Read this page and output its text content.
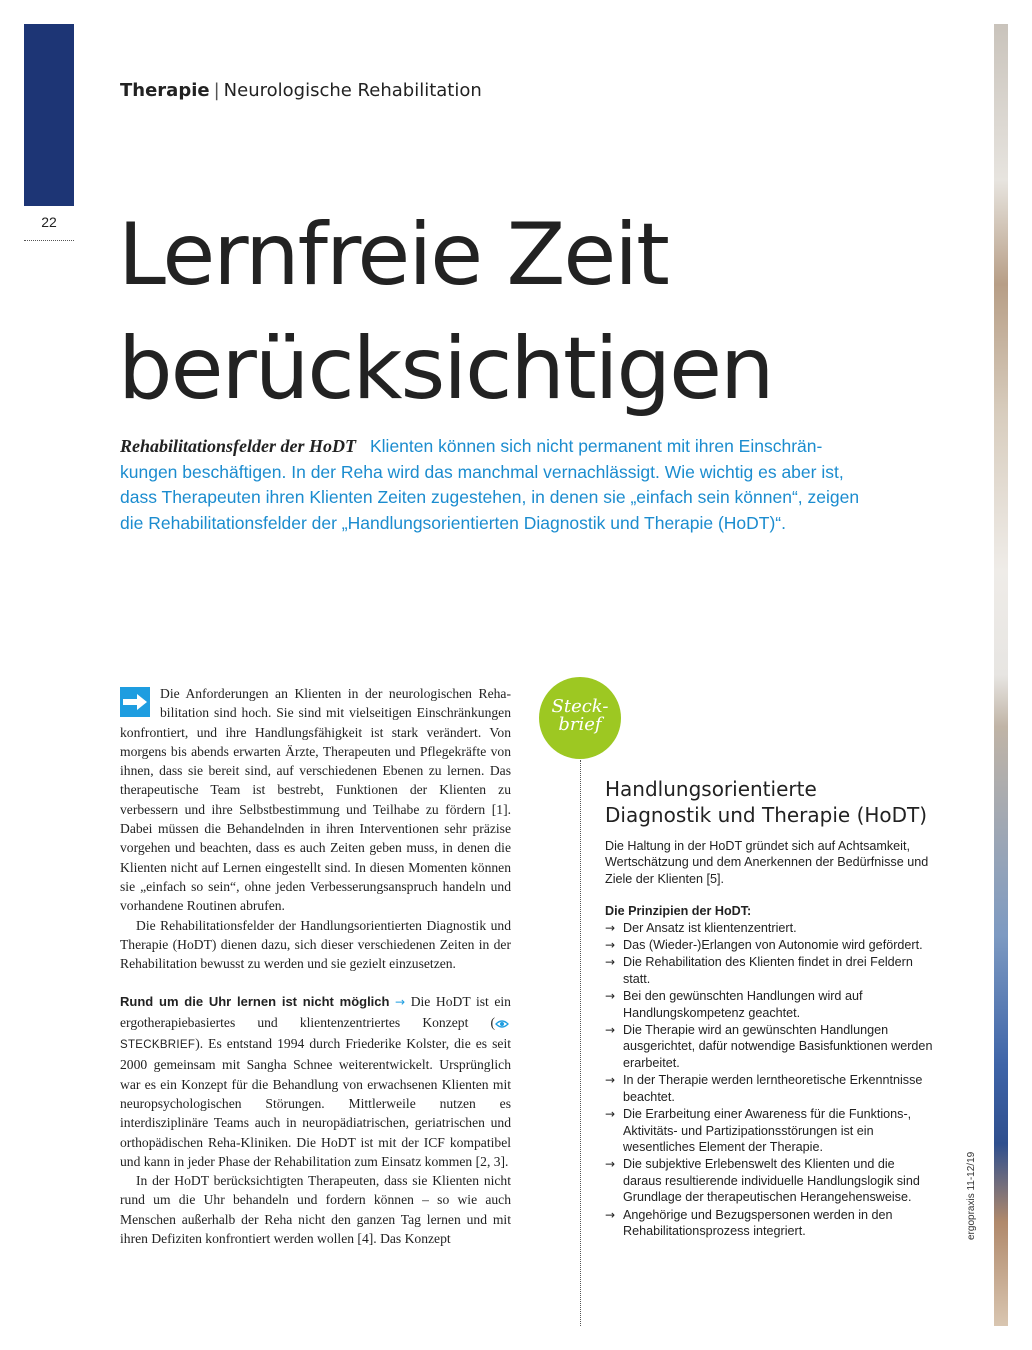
22
Therapie | Neurologische Rehabilitation
Lernfreie Zeit
berücksichtigen
Rehabilitationsfelder der HoDT Klienten können sich nicht permanent mit ihren Einschränkungen beschäftigen. In der Reha wird das manchmal vernachlässigt. Wie wichtig es aber ist, dass Therapeuten ihren Klienten Zeiten zugestehen, in denen sie „einfach sein können“, zeigen die Rehabilitationsfelder der „Handlungsorientierten Diagnostik und Therapie (HoDT)“.

Die Anforderungen an Klienten in der neurologischen Rehabilitation sind hoch. Sie sind mit vielseitigen Einschränkungen konfrontiert, und ihre Handlungsfähigkeit ist stark verändert. Von morgens bis abends erwarten Ärzte, Therapeuten und Pflegekräfte von ihnen, dass sie bereit sind, auf verschiedenen Ebenen zu lernen. Das therapeutische Team ist bestrebt, Funktionen der Klienten zu verbessern und ihre Selbstbestimmung und Teilhabe zu fördern [1]. Dabei müssen die Behandelnden in ihren Interventionen sehr präzise vorgehen und beachten, dass es auch Zeiten geben muss, in denen die Klienten nicht auf Lernen eingestellt sind. In diesen Momenten können sie „einfach so sein“, ohne jeden Verbesserungsanspruch handeln und vorhandene Routinen abrufen.

Die Rehabilitationsfelder der Handlungsorientierten Diagnostik und Therapie (HoDT) dienen dazu, sich dieser verschiedenen Zeiten in der Rehabilitation bewusst zu werden und sie gezielt einzusetzen.

Rund um die Uhr lernen ist nicht möglich → Die HoDT ist ein ergotherapiebasiertes und klientenzentriertes Konzept (STECKBRIEF). Es entstand 1994 durch Friederike Kolster, die es seit 2000 gemeinsam mit Sangha Schnee weiterentwickelt. Ursprünglich war es ein Konzept für die Behandlung von erwachsenen Klienten mit neuropsychologischen Störungen. Mittlerweile nutzen es interdisziplinäre Teams auch in neuropädiatrischen, geriatrischen und orthopädischen Reha-Kliniken. Die HoDT ist mit der ICF kompatibel und kann in jeder Phase der Rehabilitation zum Einsatz kommen [2, 3].

In der HoDT berücksichtigten Therapeuten, dass sie Klienten nicht rund um die Uhr behandeln und fordern können – so wie auch Menschen außerhalb der Reha nicht den ganzen Tag lernen und mit ihren Defiziten konfrontiert werden wollen [4]. Das Konzept

Steck-
brief
Handlungsorientierte
Diagnostik und Therapie (HoDT)

Die Haltung in der HoDT gründet sich auf Achtsamkeit, Wertschätzung und dem Anerkennen der Bedürfnisse und Ziele der Klienten [5].

Die Prinzipien der HoDT:

→ Der Ansatz ist klientenzentriert.
→ Das (Wieder-)Erlangen von Autonomie wird gefördert.
→ Die Rehabilitation des Klienten findet in drei Feldern statt.
→ Bei den gewünschten Handlungen wird auf Handlungskompetenz geachtet.
→ Die Therapie wird an gewünschten Handlungen ausgerichtet, dafür notwendige Basisfunktionen werden erarbeitet.
→ In der Therapie werden lerntheoretische Erkenntnisse beachtet.
→ Die Erarbeitung einer Awareness für die Funktions-, Aktivitäts- und Partizipationsstörungen ist ein wesentliches Element der Therapie.
→ Die subjektive Erlebenswelt des Klienten und die daraus resultierende individuelle Handlungslogik sind Grundlage der therapeutischen Herangehensweise.
→ Angehörige und Bezugspersonen werden in den Rehabilitationsprozess integriert.	ergopraxis 11-12/19
